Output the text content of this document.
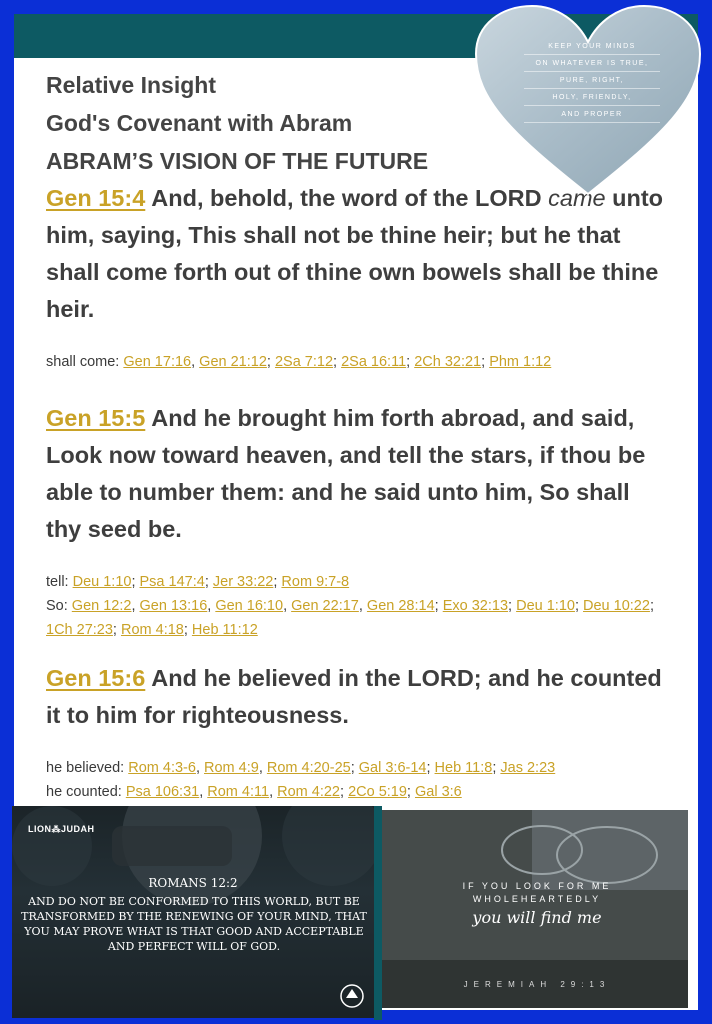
Relative Insight

God's Covenant with Abram

ABRAM’S VISION OF THE FUTURE

Gen 15:4 And, behold, the word of the LORD came unto him, saying, This shall not be thine heir; but he that shall come forth out of thine own bowels shall be thine heir.

shall come: Gen 17:16, Gen 21:12; 2Sa 7:12; 2Sa 16:11; 2Ch 32:21; Phm 1:12

Gen 15:5 And he brought him forth abroad, and said, Look now toward heaven, and tell the stars, if thou be able to number them: and he said unto him, So shall thy seed be.

tell: Deu 1:10; Psa 147:4; Jer 33:22; Rom 9:7-8

So: Gen 12:2, Gen 13:16, Gen 16:10, Gen 22:17, Gen 28:14; Exo 32:13; Deu 1:10; Deu 10:22; 1Ch 27:23; Rom 4:18; Heb 11:12

Gen 15:6 And he believed in the LORD; and he counted it to him for righteousness.

he believed: Rom 4:3-6, Rom 4:9, Rom 4:20-25; Gal 3:6-14; Heb 11:8; Jas 2:23

he counted: Psa 106:31, Rom 4:11, Rom 4:22; 2Co 5:19; Gal 3:6

KEEP YOUR MINDS
ON WHATEVER IS TRUE,
PURE, RIGHT,
HOLY, FRIENDLY,
AND PROPER
LION⁂JUDAH
ROMANS 12:2
AND DO NOT BE CONFORMED TO THIS WORLD, BUT BE TRANSFORMED BY THE RENEWING OF YOUR MIND, THAT YOU MAY PROVE WHAT IS THAT GOOD AND ACCEPTABLE AND PERFECT WILL OF GOD.
IF YOU LOOK FOR ME
WHOLEHEARTEDLY
you will find me
JEREMIAH 29:13
